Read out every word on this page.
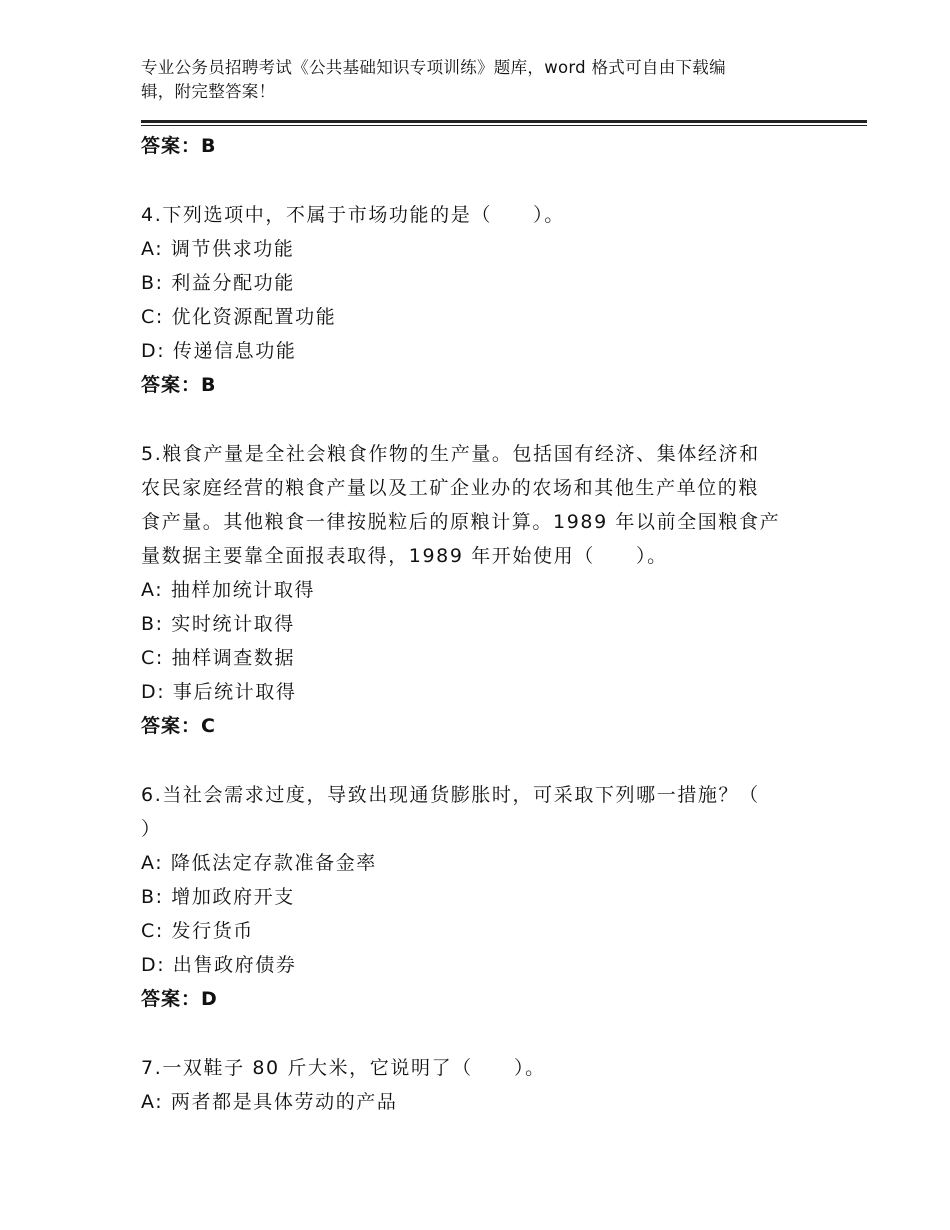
专业公务员招聘考试《公共基础知识专项训练》题库，word 格式可自由下载编
辑，附完整答案！
答案：B
4.下列选项中，不属于市场功能的是（　　）。
A: 调节供求功能
B: 利益分配功能
C: 优化资源配置功能
D: 传递信息功能
答案：B
5.粮食产量是全社会粮食作物的生产量。包括国有经济、集体经济和
农民家庭经营的粮食产量以及工矿企业办的农场和其他生产单位的粮
食产量。其他粮食一律按脱粒后的原粮计算。1989 年以前全国粮食产
量数据主要靠全面报表取得，1989 年开始使用（　　）。
A: 抽样加统计取得
B: 实时统计取得
C: 抽样调查数据
D: 事后统计取得
答案：C
6.当社会需求过度，导致出现通货膨胀时，可采取下列哪一措施？（
）
A: 降低法定存款准备金率
B: 增加政府开支
C: 发行货币
D: 出售政府债券
答案：D
7.一双鞋子 80 斤大米，它说明了（　　）。
A: 两者都是具体劳动的产品
